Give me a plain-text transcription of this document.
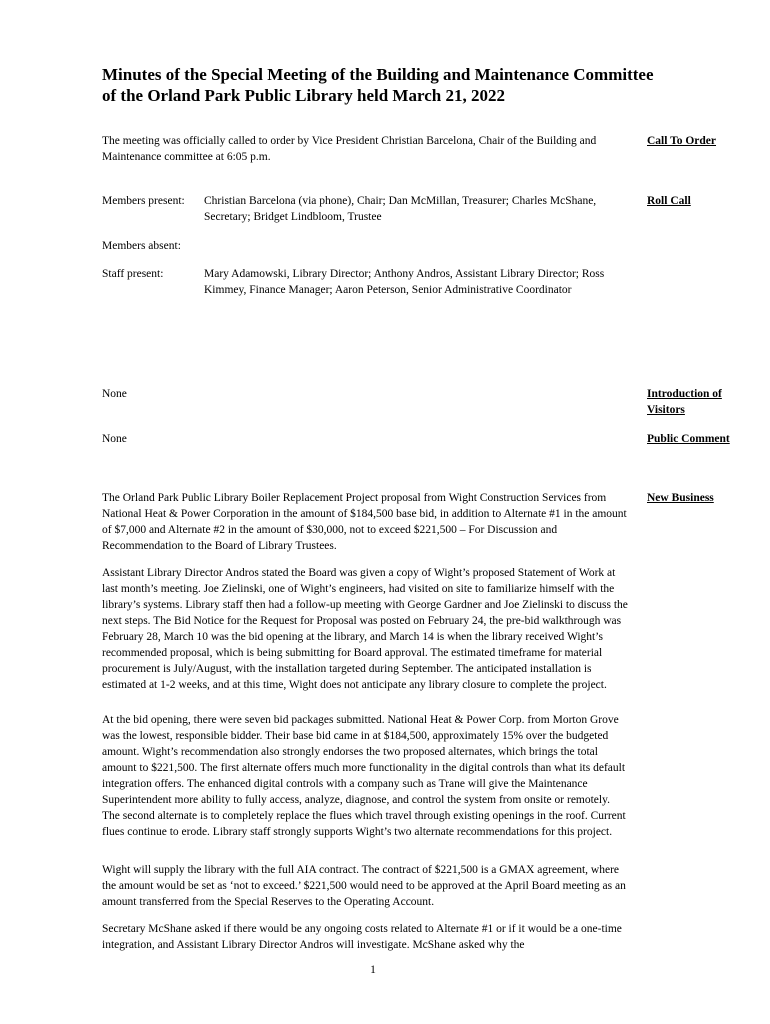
Minutes of the Special Meeting of the Building and Maintenance Committee of the Orland Park Public Library held March 21, 2022

The meeting was officially called to order by Vice President Christian Barcelona, Chair of the Building and Maintenance committee at 6:05 p.m.

Call To Order

Members present: Christian Barcelona (via phone), Chair; Dan McMillan, Treasurer; Charles McShane, Secretary; Bridget Lindbloom, Trustee

Roll Call

Members absent:

Staff present:	Mary Adamowski, Library Director; Anthony Andros, Assistant Library Director; Ross Kimmey, Finance Manager; Aaron Peterson, Senior Administrative Coordinator

None	Introduction of Visitors

None	Public Comment

The Orland Park Public Library Boiler Replacement Project proposal from Wight Construction Services from National Heat & Power Corporation in the amount of $184,500 base bid, in addition to Alternate #1 in the amount of $7,000 and Alternate #2 in the amount of $30,000, not to exceed $221,500 – For Discussion and Recommendation to the Board of Library Trustees.

New Business

Assistant Library Director Andros stated the Board was given a copy of Wight’s proposed Statement of Work at last month’s meeting. Joe Zielinski, one of Wight’s engineers, had visited on site to familiarize himself with the library’s systems. Library staff then had a follow-up meeting with George Gardner and Joe Zielinski to discuss the next steps. The Bid Notice for the Request for Proposal was posted on February 24, the pre-bid walkthrough was February 28, March 10 was the bid opening at the library, and March 14 is when the library received Wight’s recommended proposal, which is being submitting for Board approval. The estimated timeframe for material procurement is July/August, with the installation targeted during September. The anticipated installation is estimated at 1-2 weeks, and at this time, Wight does not anticipate any library closure to complete the project.

At the bid opening, there were seven bid packages submitted. National Heat & Power Corp. from Morton Grove was the lowest, responsible bidder. Their base bid came in at $184,500, approximately 15% over the budgeted amount. Wight’s recommendation also strongly endorses the two proposed alternates, which brings the total amount to $221,500. The first alternate offers much more functionality in the digital controls than what its default integration offers. The enhanced digital controls with a company such as Trane will give the Maintenance Superintendent more ability to fully access, analyze, diagnose, and control the system from onsite or remotely. The second alternate is to completely replace the flues which travel through existing openings in the roof. Current flues continue to erode. Library staff strongly supports Wight’s two alternate recommendations for this project.

Wight will supply the library with the full AIA contract. The contract of $221,500 is a GMAX agreement, where the amount would be set as ‘not to exceed.’ $221,500 would need to be approved at the April Board meeting as an amount transferred from the Special Reserves to the Operating Account.

Secretary McShane asked if there would be any ongoing costs related to Alternate #1 or if it would be a one-time integration, and Assistant Library Director Andros will investigate. McShane asked why the

1
